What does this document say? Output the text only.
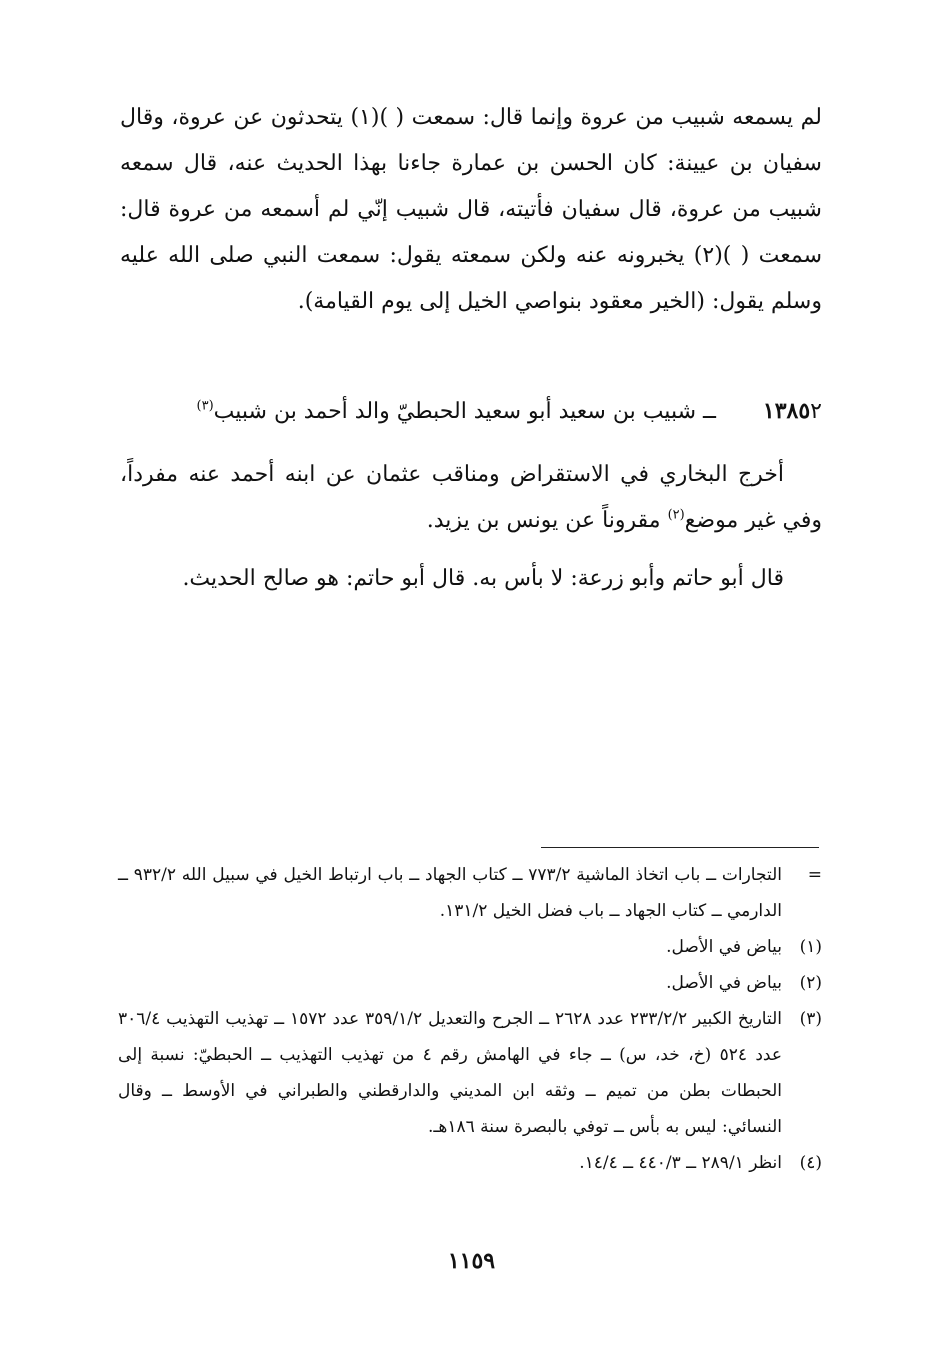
لم يسمعه شبيب من عروة وإنما قال: سمعت ( )(١) يتحدثون عن عروة، وقال سفيان بن عيينة: كان الحسن بن عمارة جاءنا بهذا الحديث عنه، قال سمعه شبيب من عروة، قال سفيان فأتيته، قال شبيب إنّي لم أسمعه من عروة قال: سمعت ( )(٢) يخبرونه عنه ولكن سمعته يقول: سمعت النبي صلى الله عليه وسلم يقول: (الخير معقود بنواصي الخيل إلى يوم القيامة).

١٣٨٥٢ ــ شبيب بن سعيد أبو سعيد الحبطيّ والد أحمد بن شبيب$^{(٣)}$

أخرج البخاري في الاستقراض ومناقب عثمان عن ابنه أحمد عنه مفرداً، وفي غير موضع$^{(٢)}$ مقروناً عن يونس بن يزيد.

قال أبو حاتم وأبو زرعة: لا بأس به. قال أبو حاتم: هو صالح الحديث.

=
التجارات ــ باب اتخاذ الماشية ٧٧٣/٢ ــ كتاب الجهاد ــ باب ارتباط الخيل في سبيل الله ٩٣٢/٢ ــ الدارمي ــ كتاب الجهاد ــ باب فضل الخيل ١٣١/٢.
(١)
بياض في الأصل.
(٢)
بياض في الأصل.
(٣)
التاريخ الكبير ٢٣٣/٢/٢ عدد ٢٦٢٨ ــ الجرح والتعديل ٣٥٩/١/٢ عدد ١٥٧٢ ــ تهذيب التهذيب ٣٠٦/٤ عدد ٥٢٤ (خ، خد، س) ــ جاء في الهامش رقم ٤ من تهذيب التهذيب ــ الحبطيّ: نسبة إلى الحبطات بطن من تميم ــ وثقه ابن المديني والدارقطني والطبراني في الأوسط ــ وقال النسائي: ليس به بأس ــ توفي بالبصرة سنة ١٨٦هـ.
(٤)
انظر ٢٨٩/١ ــ ٤٤٠/٣ ــ ١٤/٤.
١١٥٩
